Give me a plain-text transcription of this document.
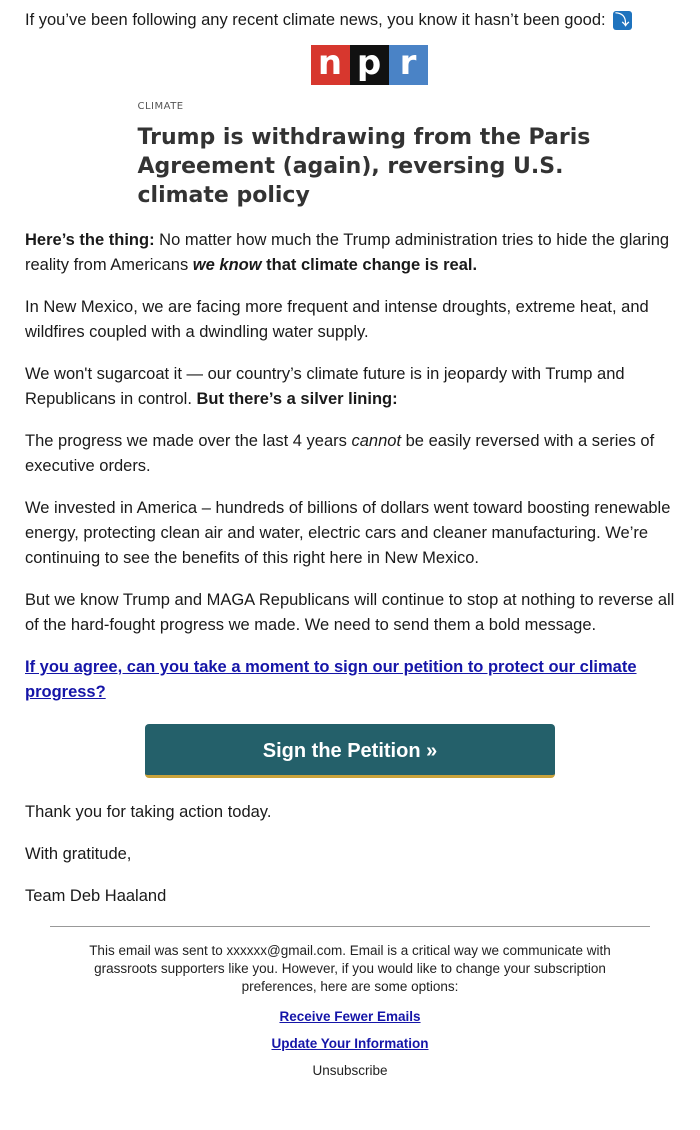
If you’ve been following any recent climate news, you know it hasn’t been good: ⤵

n p r
CLIMATE
Trump is withdrawing from the Paris Agreement (again), reversing U.S. climate policy

Here’s the thing: No matter how much the Trump administration tries to hide the glaring reality from Americans we know that climate change is real.

In New Mexico, we are facing more frequent and intense droughts, extreme heat, and wildfires coupled with a dwindling water supply.

We won't sugarcoat it — our country’s climate future is in jeopardy with Trump and Republicans in control. But there’s a silver lining:

The progress we made over the last 4 years cannot be easily reversed with a series of executive orders.

We invested in America – hundreds of billions of dollars went toward boosting renewable energy, protecting clean air and water, electric cars and cleaner manufacturing. We’re continuing to see the benefits of this right here in New Mexico.

But we know Trump and MAGA Republicans will continue to stop at nothing to reverse all of the hard-fought progress we made. We need to send them a bold message.

If you agree, can you take a moment to sign our petition to protect our climate progress?

Sign the Petition »

Thank you for taking action today.

With gratitude,

Team Deb Haaland

This email was sent to xxxxxx@gmail.com. Email is a critical way we communicate with grassroots supporters like you. However, if you would like to change your subscription preferences, here are some options:

Receive Fewer Emails
Update Your Information
Unsubscribe
